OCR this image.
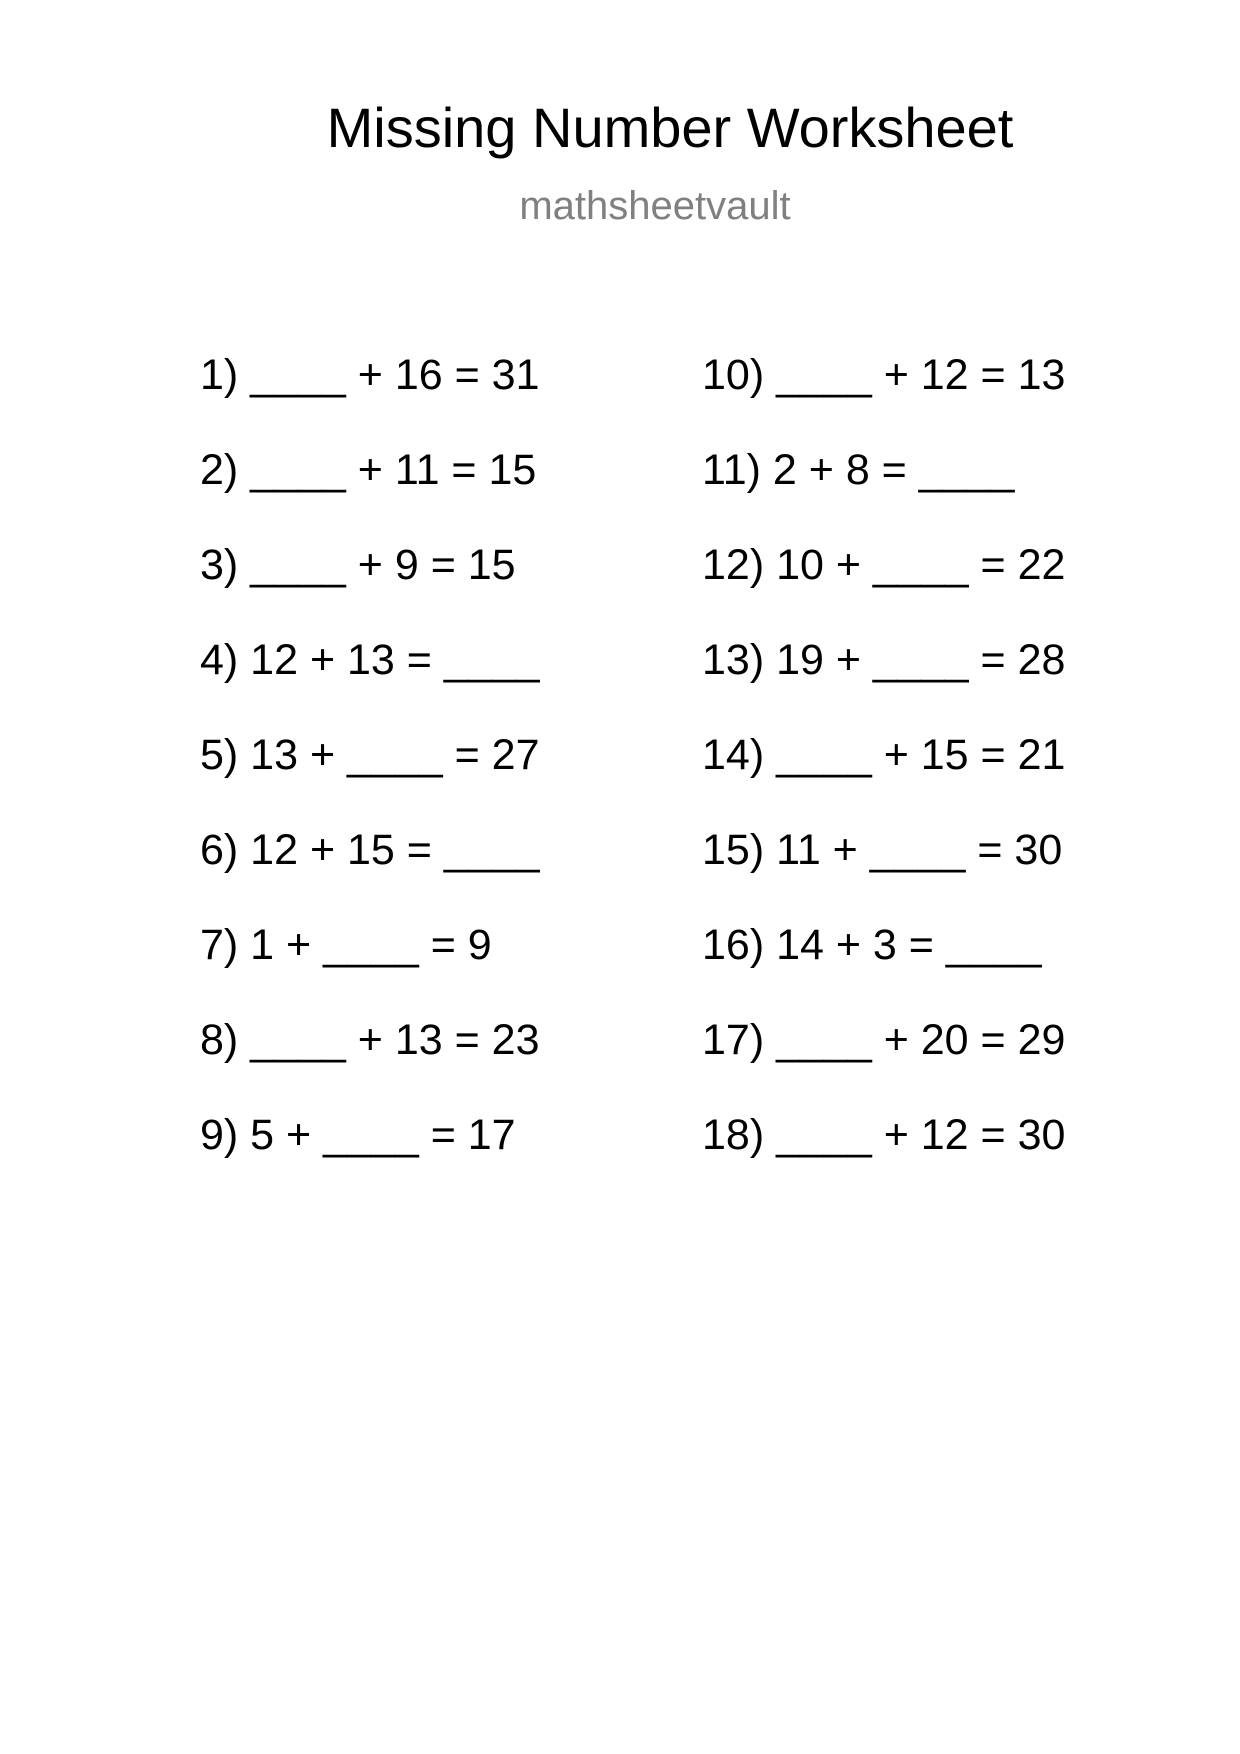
Missing Number Worksheet
mathsheetvault
1) ____ + 16 = 31
2) ____ + 11 = 15
3) ____ + 9 = 15
4) 12 + 13 = ____
5) 13 + ____ = 27
6) 12 + 15 = ____
7) 1 + ____ = 9
8) ____ + 13 = 23
9) 5 + ____ = 17
10) ____ + 12 = 13
11) 2 + 8 = ____
12) 10 + ____ = 22
13) 19 + ____ = 28
14) ____ + 15 = 21
15) 11 + ____ = 30
16) 14 + 3 = ____
17) ____ + 20 = 29
18) ____ + 12 = 30
